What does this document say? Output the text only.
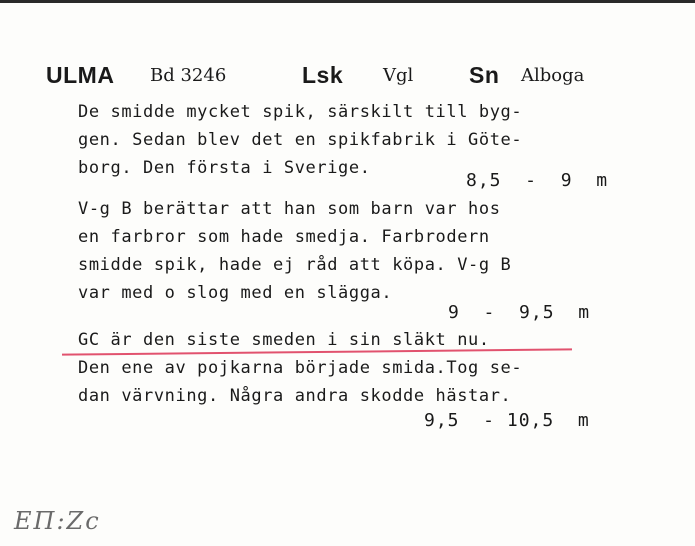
ULMA Bd 3246	Lsk Vgl Sn Alboga
De smidde mycket spik, särskilt till byg-
gen. Sedan blev det en spikfabrik i Göte-
borg. Den första i Sverige.
8,5  -  9  m
V-g B berättar att han som barn var hos
en farbror som hade smedja. Farbrodern
smidde spik, hade ej råd att köpa. V-g B
var med o slog med en slägga.
9  -  9,5  m
GC är den siste smeden i sin släkt nu.
Den ene av pojkarna började smida.Tog se-
dan värvning. Några andra skodde hästar.
9,5  - 10,5  m
EΠ:Zc
